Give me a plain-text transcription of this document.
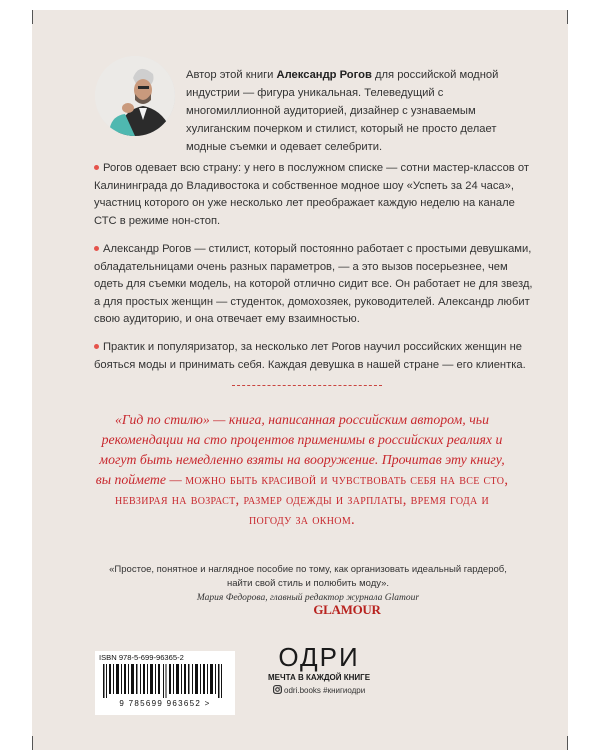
Автор этой книги Александр Рогов для российской модной индустрии — фигура уникальная. Телеведущий с многомиллионной аудиторией, дизайнер с узнаваемым хулиганским почерком и стилист, который не просто делает модные съемки и одевает селебрити.
Рогов одевает всю страну: у него в послужном списке — сотни мастер-классов от Калининграда до Владивостока и собственное модное шоу «Успеть за 24 часа», участниц которого он уже несколько лет преображает каждую неделю на канале СТС в режиме нон-стоп.
Александр Рогов — стилист, который постоянно работает с простыми девушками, обладательницами очень разных параметров, — а это вызов посерьезнее, чем одеть для съемки модель, на которой отлично сидит все. Он работает не для звезд, а для простых женщин — студенток, домохозяек, руководителей. Александр любит свою аудиторию, и она отвечает ему взаимностью.
Практик и популяризатор, за несколько лет Рогов научил российских женщин не бояться моды и принимать себя. Каждая девушка в нашей стране — его клиентка.
«Гид по стилю» — книга, написанная российским автором, чьи рекомендации на сто процентов применимы в российских реалиях и могут быть немедленно взяты на вооружение. Прочитав эту книгу, вы поймете — можно быть красивой и чувствовать себя на все сто, невзирая на возраст, размер одежды и зарплаты, время года и погоду за окном.
«Простое, понятное и наглядное пособие по тому, как организовать идеальный гардероб, найти свой стиль и полюбить моду».
Мария Федорова, главный редактор журнала Glamour
GLAMOUR
ISBN 978-5-699-96365-2
9 785699 963652 >
ОДРИ
МЕЧТА В КАЖДОЙ КНИГЕ
odri.books #книгиодри
